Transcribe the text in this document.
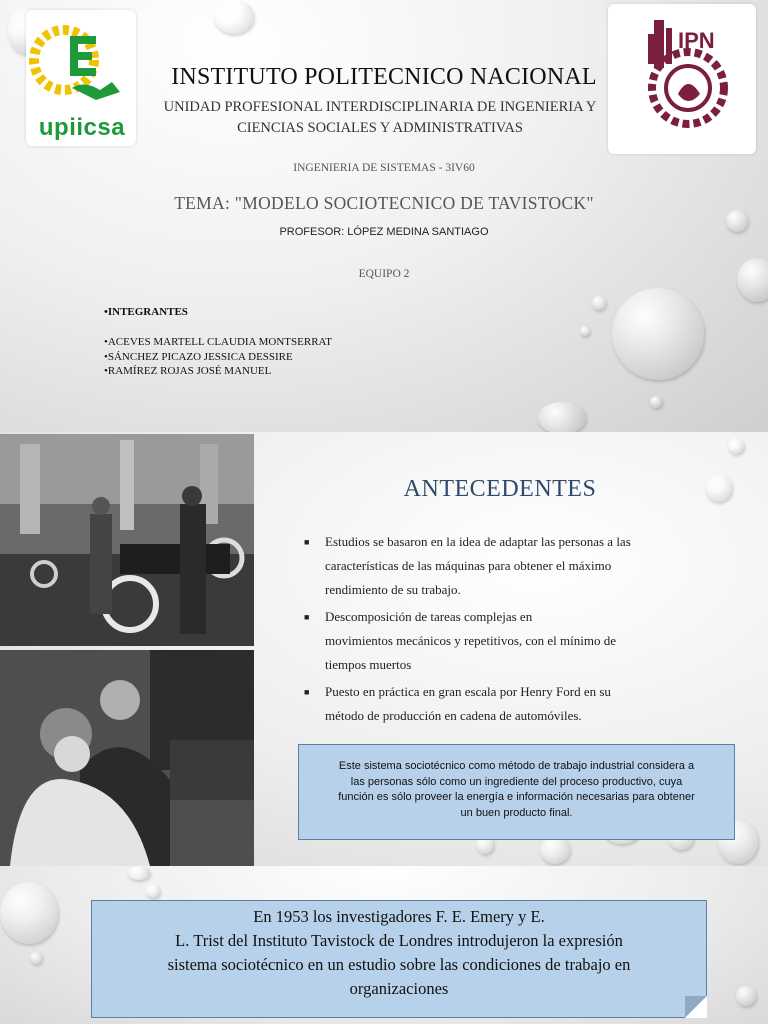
upiicsa
IPN
INSTITUTO POLITECNICO NACIONAL
UNIDAD PROFESIONAL INTERDISCIPLINARIA DE INGENIERIA Y
CIENCIAS SOCIALES Y ADMINISTRATIVAS
INGENIERIA DE SISTEMAS - 3IV60
TEMA: "MODELO SOCIOTECNICO DE TAVISTOCK"
PROFESOR: LÓPEZ MEDINA SANTIAGO
EQUIPO 2
•INTEGRANTES
•ACEVES MARTELL CLAUDIA MONTSERRAT
•SÁNCHEZ PICAZO JESSICA DESSIRE
•RAMÍREZ ROJAS JOSÉ MANUEL
ANTECEDENTES
■ Estudios se basaron en la idea de adaptar las personas a las
características de las máquinas para obtener el máximo
rendimiento de su trabajo.
■ Descomposición de tareas complejas en
movimientos mecánicos y repetitivos, con el mínimo de
tiempos muertos
■ Puesto en práctica en gran escala por Henry Ford en su
método de producción en cadena de automóviles.
Este sistema sociotécnico como método de trabajo industrial considera a
las personas sólo como un ingrediente del proceso productivo, cuya
función es sólo proveer la energía e información necesarias para obtener
un buen producto final.
En 1953 los investigadores F. E. Emery y E.
L. Trist del Instituto Tavistock de Londres introdujeron la expresión
sistema sociotécnico en un estudio sobre las condiciones de trabajo en
organizaciones
